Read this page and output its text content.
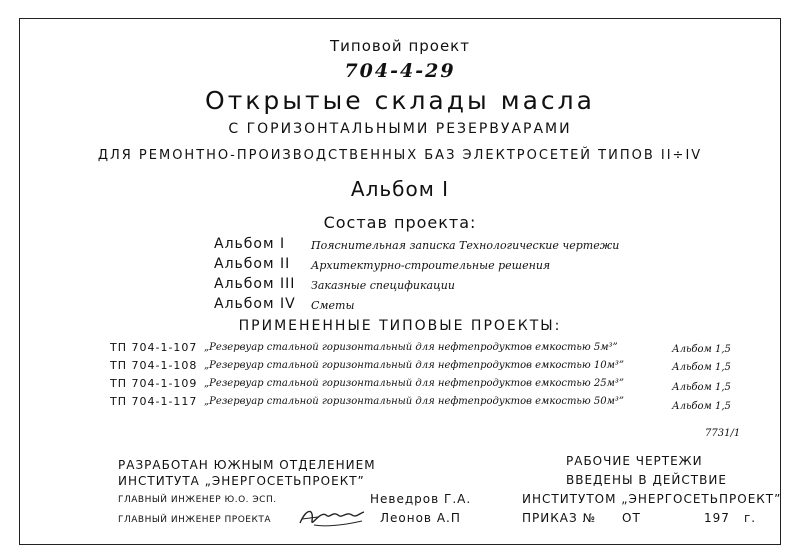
Типовой проект
704-4-29
Открытые склады масла
С ГОРИЗОНТАЛЬНЫМИ РЕЗЕРВУАРАМИ
ДЛЯ РЕМОНТНО-ПРОИЗВОДСТВЕННЫХ БАЗ ЭЛЕКТРОСЕТЕЙ ТИПОВ II÷IV
Альбом I
Состав проекта:
Альбом I Пояснительная записка Технологические чертежи
Альбом II Архитектурно-строительные решения
Альбом III Заказные спецификации
Альбом IV Сметы
ПРИМЕНЕННЫЕ ТИПОВЫЕ ПРОЕКТЫ:
ТП 704-1-107 „Резервуар стальной горизонтальный для нефтепродуктов емкостью 5м³”	Альбом 1,5
ТП 704-1-108 „Резервуар стальной горизонтальный для нефтепродуктов емкостью 10м³”	Альбом 1,5
ТП 704-1-109 „Резервуар стальной горизонтальный для нефтепродуктов емкостью 25м³”	Альбом 1,5
ТП 704-1-117 „Резервуар стальной горизонтальный для нефтепродуктов емкостью 50м³”	Альбом 1,5
7731/1
РАЗРАБОТАН ЮЖНЫМ ОТДЕЛЕНИЕМ
ИНСТИТУТА „ЭНЕРГОСЕТЬПРОЕКТ”
ГЛАВНЫЙ ИНЖЕНЕР Ю.О. ЭСП.	Неведров Г.А.
ГЛАВНЫЙ ИНЖЕНЕР ПРОЕКТА	Леонов А.П
РАБОЧИЕ ЧЕРТЕЖИ
ВВЕДЕНЫ В ДЕЙСТВИЕ
ИНСТИТУТОМ „ЭНЕРГОСЕТЬПРОЕКТ”
ПРИКАЗ № ОТ	197 г.
